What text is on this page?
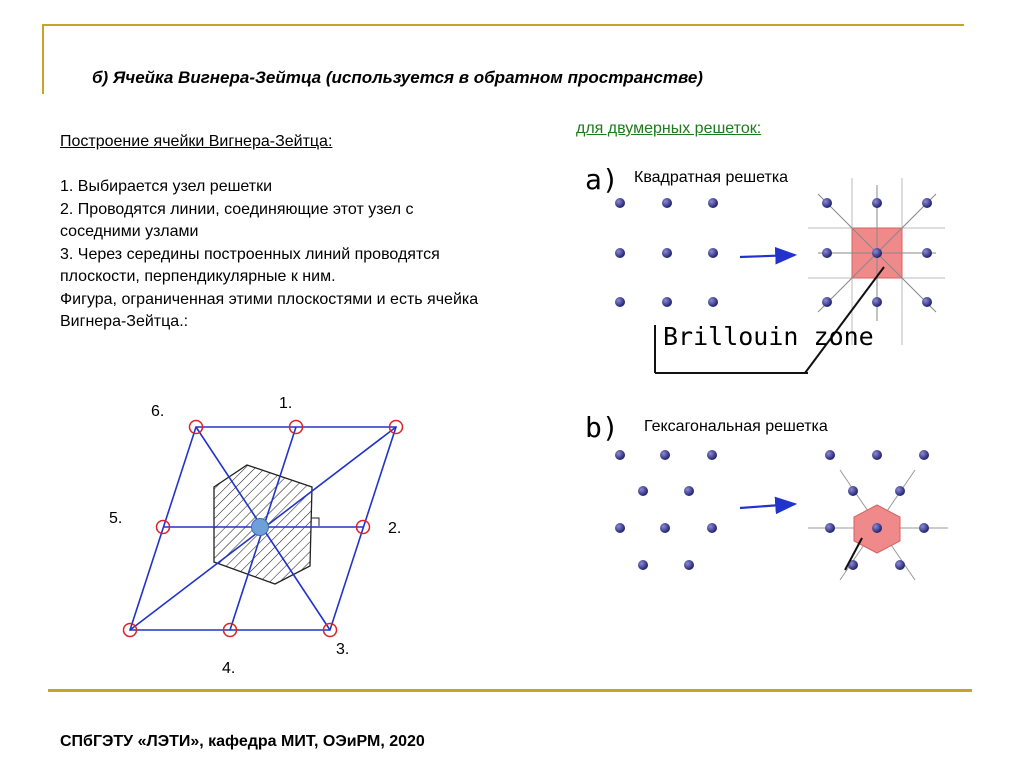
б) Ячейка Вигнера-Зейтца (используется в обратном пространстве)

Построение ячейки Вигнера-Зейтца:

1. Выбирается узел решетки

2. Проводятся линии, соединяющие этот узел с соседними узлами

3. Через середины построенных линий проводятся плоскости, перпендикулярные к ним.

Фигура, ограниченная этими плоскостями и есть ячейка Вигнера-Зейтца.:

для двумерных решеток:
1.
2.
3.
4.
5.
6.
a) Квадратная решетка
Brillouin zone
b) Гексагональная решетка
СПбГЭТУ «ЛЭТИ», кафедра МИТ, ОЭиРМ, 2020
